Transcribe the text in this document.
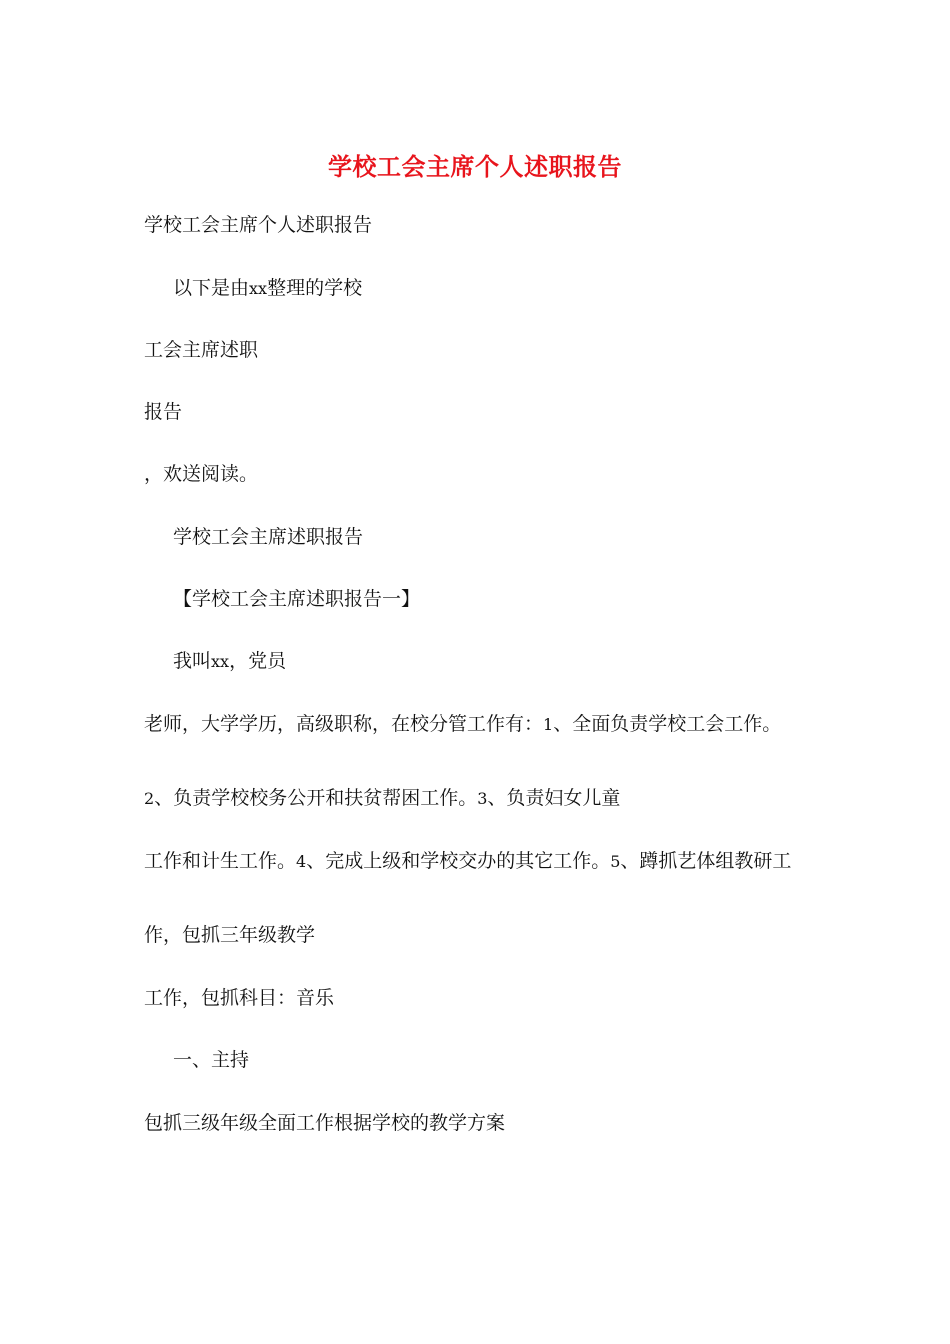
学校工会主席个人述职报告
学校工会主席个人述职报告
以下是由xx整理的学校
工会主席述职
报告
，欢送阅读。
学校工会主席述职报告
【学校工会主席述职报告一】
我叫xx，党员
老师，大学学历，高级职称，在校分管工作有：1、全面负责学校工会工作。
2、负责学校校务公开和扶贫帮困工作。3、负责妇女儿童
工作和计生工作。4、完成上级和学校交办的其它工作。5、蹲抓艺体组教研工
作，包抓三年级教学
工作，包抓科目：音乐
一、主持
包抓三级年级全面工作根据学校的教学方案
